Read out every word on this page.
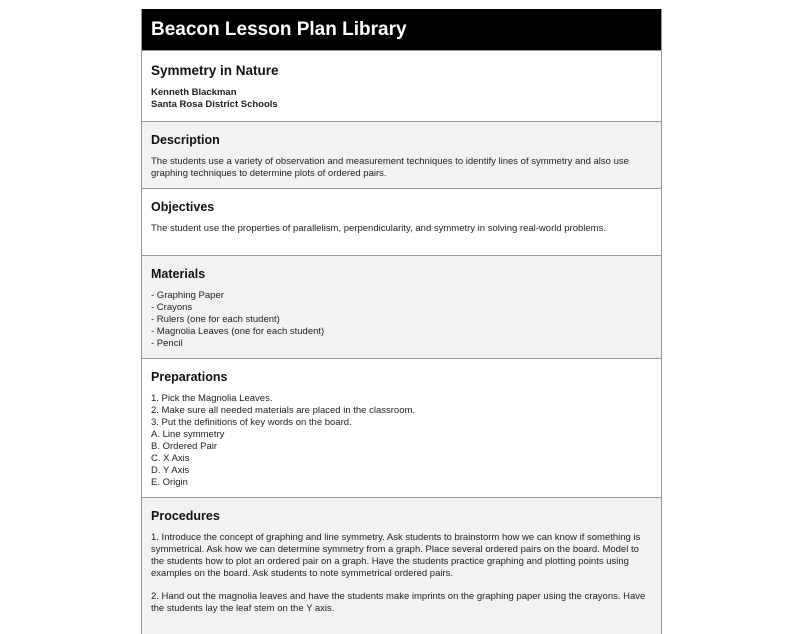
Beacon Lesson Plan Library
Symmetry in Nature
Kenneth Blackman
Santa Rosa District Schools
Description
The students use a variety of observation and measurement techniques to identify lines of symmetry and also use graphing techniques to determine plots of ordered pairs.
Objectives
The student use the properties of parallelism, perpendicularity, and symmetry in solving real-world problems.
Materials
- Graphing Paper
- Crayons
- Rulers (one for each student)
- Magnolia Leaves (one for each student)
- Pencil
Preparations
1. Pick the Magnolia Leaves.
2. Make sure all needed materials are placed in the classroom.
3. Put the definitions of key words on the board.
A. Line symmetry
B. Ordered Pair
C. X Axis
D. Y Axis
E. Origin
Procedures

1. Introduce the concept of graphing and line symmetry. Ask students to brainstorm how we can know if something is symmetrical. Ask how we can determine symmetry from a graph. Place several ordered pairs on the board. Model to the students how to plot an ordered pair on a graph. Have the students practice graphing and plotting points using examples on the board. Ask students to note symmetrical ordered pairs.

2. Hand out the magnolia leaves and have the students make imprints on the graphing paper using the crayons. Have the students lay the leaf stem on the Y axis.
